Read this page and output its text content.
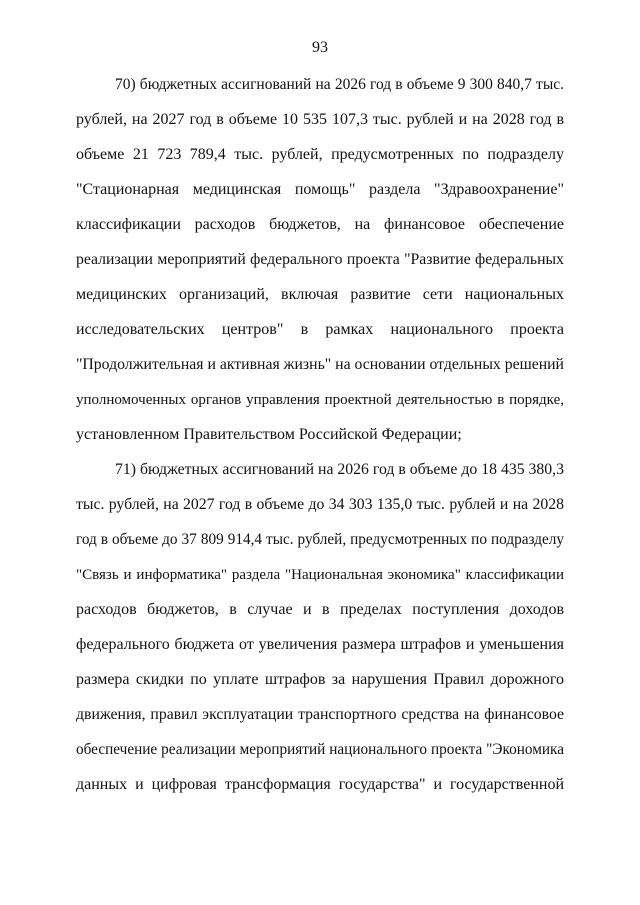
93
70) бюджетных ассигнований на 2026 год в объеме 9 300 840,7 тыс.
рублей, на 2027 год в объеме 10 535 107,3 тыс. рублей и на 2028 год в
объеме 21 723 789,4 тыс. рублей, предусмотренных по подразделу
"Стационарная медицинская помощь" раздела "Здравоохранение"
классификации расходов бюджетов, на финансовое обеспечение
реализации мероприятий федерального проекта "Развитие федеральных
медицинских организаций, включая развитие сети национальных
исследовательских центров" в рамках национального проекта
"Продолжительная и активная жизнь" на основании отдельных решений
уполномоченных органов управления проектной деятельностью в порядке,
установленном Правительством Российской Федерации;
71) бюджетных ассигнований на 2026 год в объеме до 18 435 380,3
тыс. рублей, на 2027 год в объеме до 34 303 135,0 тыс. рублей и на 2028
год в объеме до 37 809 914,4 тыс. рублей, предусмотренных по подразделу
"Связь и информатика" раздела "Национальная экономика" классификации
расходов бюджетов, в случае и в пределах поступления доходов
федерального бюджета от увеличения размера штрафов и уменьшения
размера скидки по уплате штрафов за нарушения Правил дорожного
движения, правил эксплуатации транспортного средства на финансовое
обеспечение реализации мероприятий национального проекта "Экономика
данных и цифровая трансформация государства" и государственной
